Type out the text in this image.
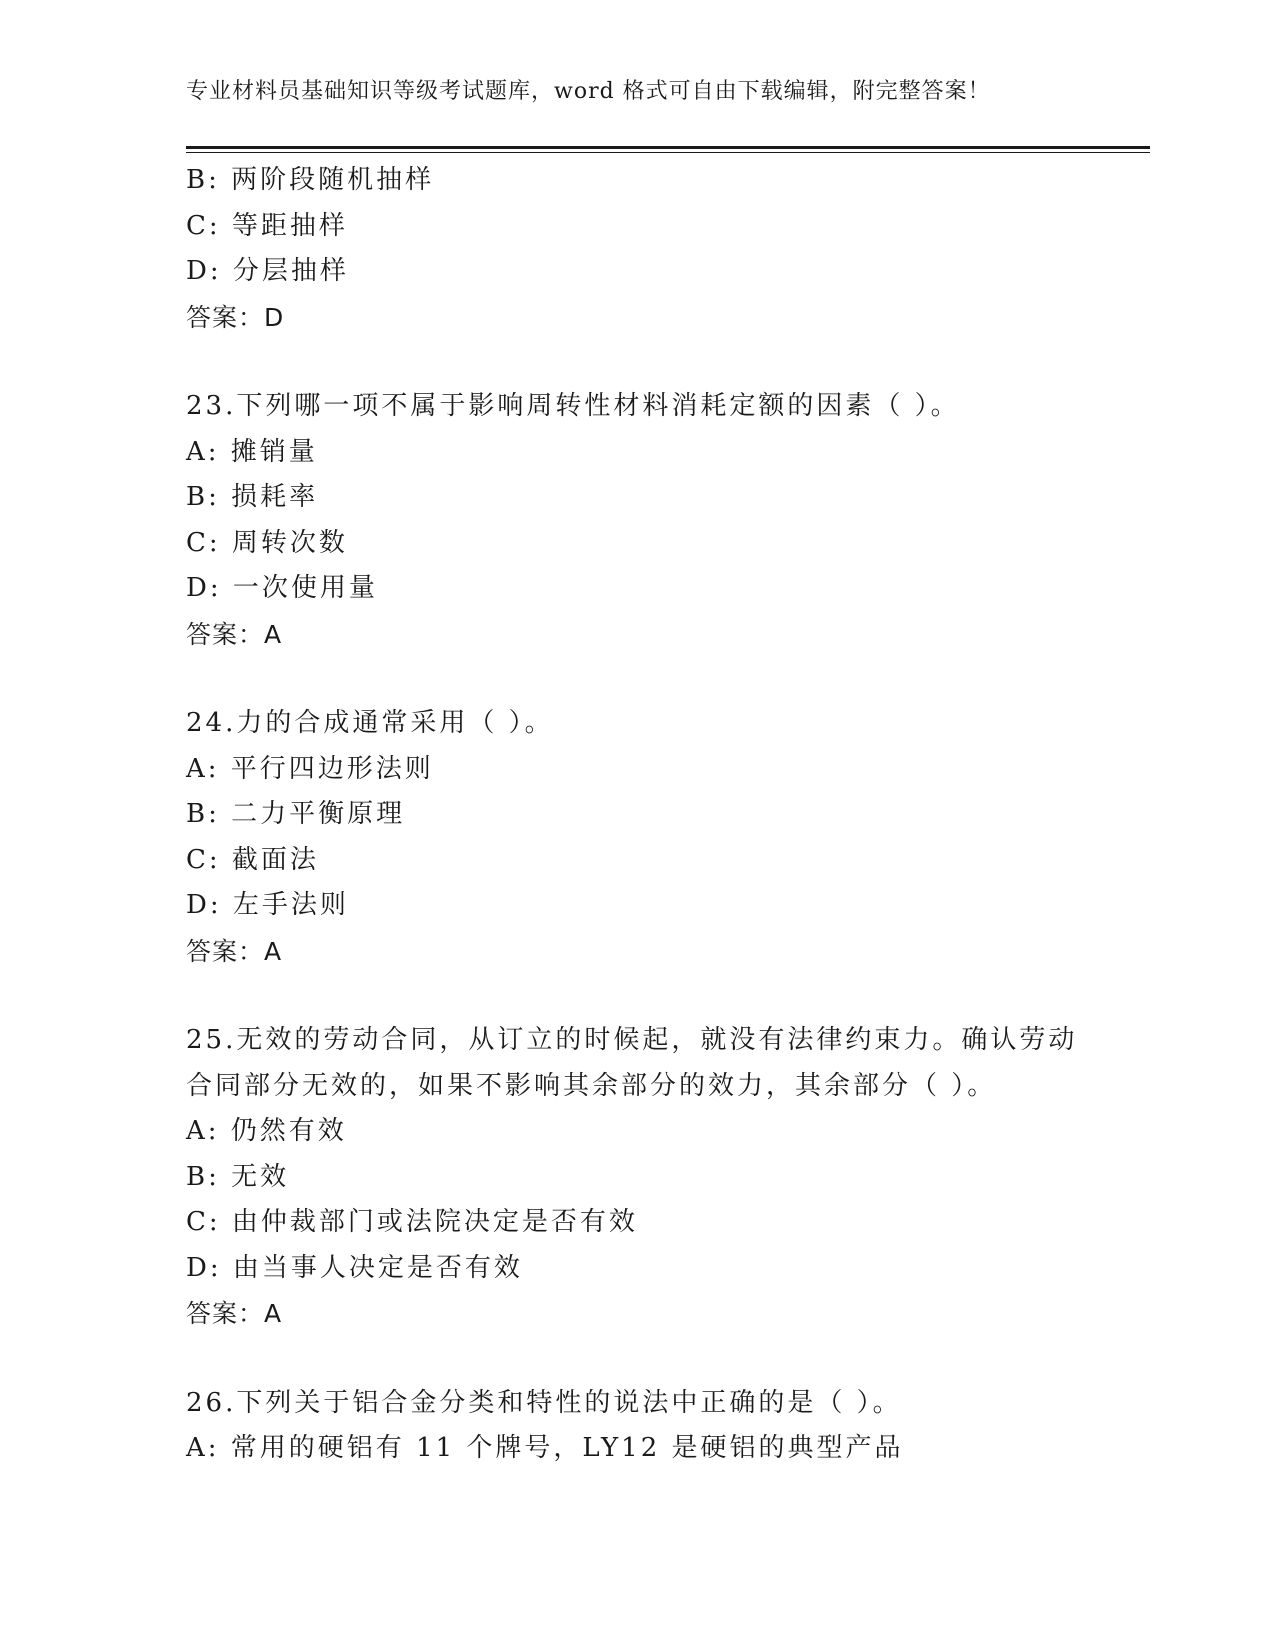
专业材料员基础知识等级考试题库，word 格式可自由下载编辑，附完整答案！
B: 两阶段随机抽样
C: 等距抽样
D: 分层抽样
答案：D
23.下列哪一项不属于影响周转性材料消耗定额的因素（ ）。
A: 摊销量
B: 损耗率
C: 周转次数
D: 一次使用量
答案：A
24.力的合成通常采用（ ）。
A: 平行四边形法则
B: 二力平衡原理
C: 截面法
D: 左手法则
答案：A
25.无效的劳动合同，从订立的时候起，就没有法律约束力。确认劳动
合同部分无效的，如果不影响其余部分的效力，其余部分（ ）。
A: 仍然有效
B: 无效
C: 由仲裁部门或法院决定是否有效
D: 由当事人决定是否有效
答案：A
26.下列关于铝合金分类和特性的说法中正确的是（ ）。
A: 常用的硬铝有 11 个牌号，LY12 是硬铝的典型产品
